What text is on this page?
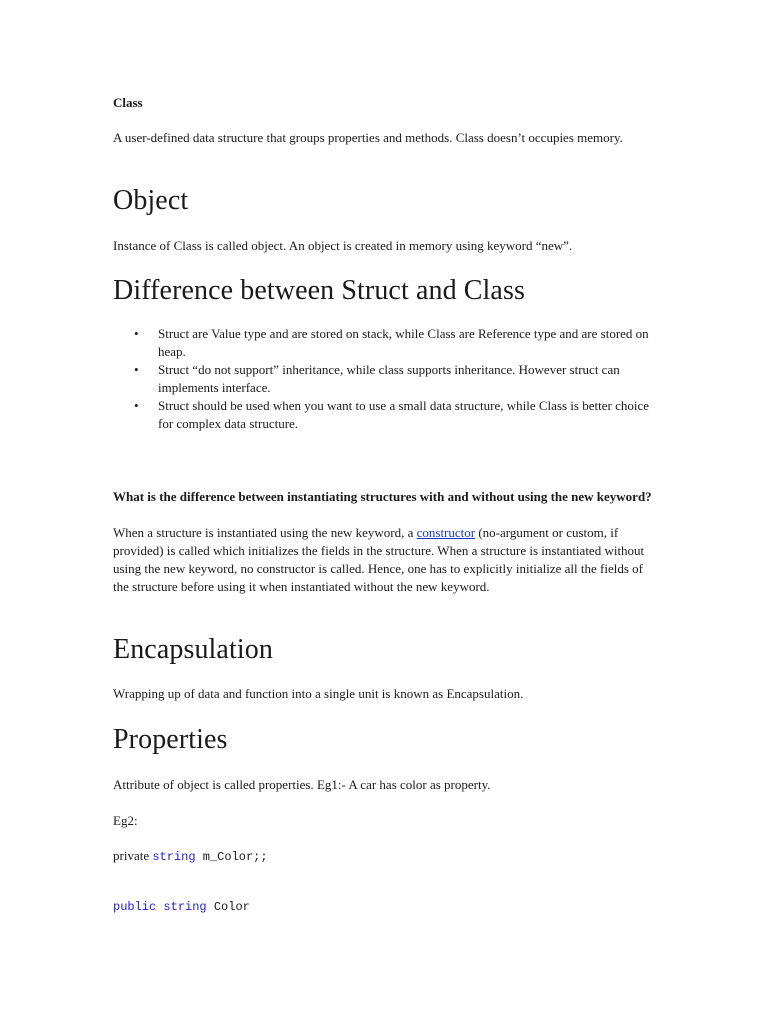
Class

A user-defined data structure that groups properties and methods. Class doesn’t occupies memory.

Object

Instance of Class is called object. An object is created in memory using keyword “new”.

Difference between Struct and Class
• Struct are Value type and are stored on stack, while Class are Reference type and are stored on heap.
• Struct “do not support” inheritance, while class supports inheritance. However struct can implements interface.
• Struct should be used when you want to use a small data structure, while Class is better choice for complex data structure.

What is the difference between instantiating structures with and without using the new keyword?

When a structure is instantiated using the new keyword, a constructor (no-argument or custom, if provided) is called which initializes the fields in the structure. When a structure is instantiated without using the new keyword, no constructor is called. Hence, one has to explicitly initialize all the fields of the structure before using it when instantiated without the new keyword.

Encapsulation

Wrapping up of data and function into a single unit is known as Encapsulation.

Properties

Attribute of object is called properties. Eg1:- A car has color as property.

Eg2:

private string m_Color;;

public string Color
